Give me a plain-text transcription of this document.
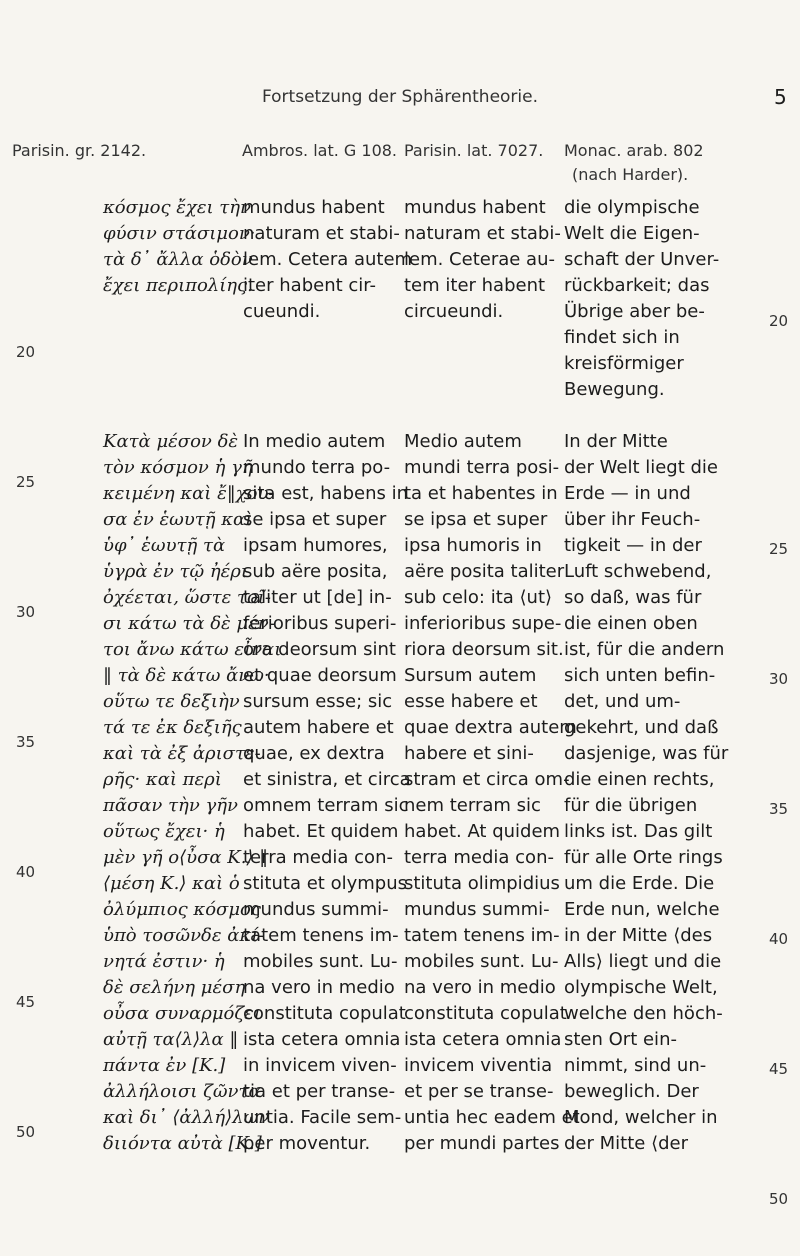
Fortsetzung der Sphärentheorie.	5
Parisin. gr. 2142.	Ambros. lat. G 108. Parisin. lat. 7027. Monac. arab. 802
(nach Harder).
κόσμος ἔχει τὴν
φύσιν στάσιμον·
τὰ δ᾽ ἄλλα ὁδὸν
ἔχει περιπολίης.
Κατὰ μέσον δὲ
τὸν κόσμον ἡ γῆ
κειμένη καὶ ἔ‖χου-
σα ἐν ἑωυτῇ καὶ
ὑφ᾽ ἑωυτῇ τὰ
ὑγρὰ ἐν τῷ ἠέρι
ὀχέεται, ὥστε τοῖ-
σι κάτω τὰ δὲ μέν-
τοι ἄνω κάτω εἶναι
‖ τὰ δὲ κάτω ἄνω·
οὕτω τε δεξιὴν
τά τε ἐκ δεξιῆς
καὶ τὰ ἐξ ἀριστε-
ρῆς· καὶ περὶ
πᾶσαν τὴν γῆν
οὕτως ἔχει· ἡ
μὲν γῆ ο⟨ὖσα K.⟩ ‖
⟨μέση K.⟩ καὶ ὁ
ὀλύμπιος κόσμος
ὑπὸ τοσῶνδε ἀκί-
νητά ἐστιν· ἡ
δὲ σελήνη μέση
οὖσα συναρμόζει
αὐτῇ τα⟨λ⟩λα ‖
πάντα ἐν [K.]
ἀλλήλοισι ζῶντα
καὶ δι᾽ ⟨ἀλλή⟩λων
διιόντα αὐτὰ [K.]
mundus habent
naturam et stabi-
lem. Cetera autem
iter habent cir-
cueundi.
In medio autem
mundo terra po-
sita est, habens in
se ipsa et super
ipsam humores,
sub aëre posita,
taliter ut [de] in-
ferioribus superi-
ora deorsum sint
et quae deorsum
sursum esse; sic
autem habere et
quae, ex dextra
et sinistra, et circa
omnem terram sic
habet. Et quidem
terra media con-
stituta et olympus
mundus summi-
tatem tenens im-
mobiles sunt. Lu-
na vero in medio
constituta copulat
ista cetera omnia
in invicem viven-
tia et per transe-
untia. Facile sem-
per moventur.
mundus habent
naturam et stabi-
lem. Ceterae au-
tem iter habent
circueundi.
Medio autem
mundi terra posi-
ta et habentes in
se ipsa et super
ipsa humoris in
aëre posita taliter
sub celo: ita ⟨ut⟩
inferioribus supe-
riora deorsum sit.
Sursum autem
esse habere et
quae dextra autem
habere et sini-
stram et circa om-
nem terram sic
habet. At quidem
terra media con-
stituta olimpidius
mundus summi-
tatem tenens im-
mobiles sunt. Lu-
na vero in medio
constituta copulat
ista cetera omnia
invicem viventia
et per se transe-
untia hec eadem et
per mundi partes
die olympische
Welt die Eigen-
schaft der Unver-
rückbarkeit; das
Übrige aber be-
findet sich in
kreisförmiger
Bewegung.
In der Mitte
der Welt liegt die
Erde — in und
über ihr Feuch-
tigkeit — in der
Luft schwebend,
so daß, was für
die einen oben
ist, für die andern
sich unten befin-
det, und um-
gekehrt, und daß
dasjenige, was für
die einen rechts,
für die übrigen
links ist. Das gilt
für alle Orte rings
um die Erde. Die
Erde nun, welche
in der Mitte ⟨des
Alls⟩ liegt und die
olympische Welt,
welche den höch-
sten Ort ein-
nimmt, sind un-
beweglich. Der
Mond, welcher in
der Mitte ⟨der
20
25
30
35
40
45
50
20
25
30
35
40
45
50
